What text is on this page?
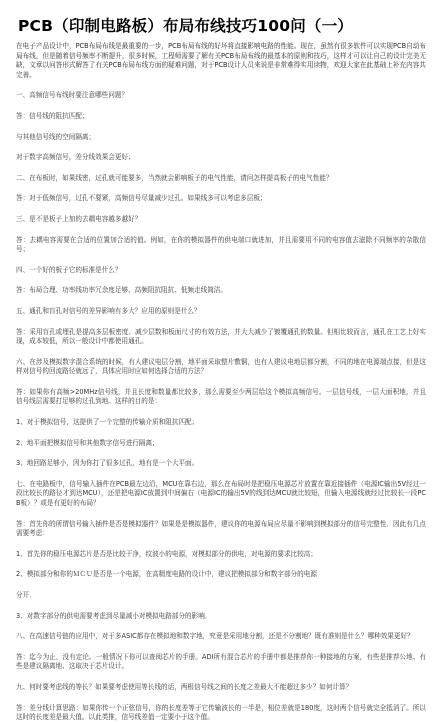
PCB（印制电路板）布局布线技巧100问（一）

在电子产品设计中，PCB布局布线是最重要的一步，PCB布局布线的好坏将直接影响电路的性能。现在，虽然有很多软件可以实现PCB自动布局布线，但是随着信号频率不断提升，很多时候，工程师需要了解有关PCB布局布线的最基本的原则和技巧，这样才可以让自己的设计完美无缺，文章以问答形式解答了有关PCB布局布线方面的疑难问题，对于PCB设计人员来说是非常难得实用读物，欢迎大家在此基础上补充内容共完善。

一、高频信号布线时要注意哪些问题？

答：信号线的阻抗匹配；

与其他信号线的空间隔离；

对于数字高频信号，差分线效果会更好；

二、在布板时，如果线密，过孔就可能要多，当然就会影响板子的电气性能，请问怎样提高板子的电气性能？

答：对于低频信号，过孔不要紧，高频信号尽量减少过孔。如果线多可以考虑多层板；

三、是不是板子上加的去耦电容越多越好？

答：去耦电容需要在合适的位置加合适的值。例如，在你的模拟器件的供电端口就进加，并且需要用不同的电容值去滤除不同频率的杂散信号；

四、一个好的板子它的标准是什么？

答：布局合理、功率线功率冗余度足够、高频阻抗阻抗、低频走线简洁。

五、通孔和盲孔对信号的差异影响有多大？应用的原则是什么？

答：采用盲孔或埋孔是提高多层板密度、减少层数和板面尺寸的有效方法，并大大减少了镀覆通孔的数量。但相比较而言，通孔在工艺上好实现，成本较低，所以一般设计中都使用通孔。

六、在涉及模拟数字混合系统的时候，有人建议电层分割，地平面采取整片敷铜，也有人建议电地层都分割，不同的地在电源端点接，但是这样对信号的回流路径就远了，具体应用时应如何选择合适的方法？

答：如果你有高频>20MHz信号线，并且长度和数量都比较多，那么需要至少两层给这个模拟高频信号。一层信号线，一层大面积地，并且信号线层需要打足够的过孔到地。这样的目的是：

1、对于模拟信号，这提供了一个完整的传输介质和阻抗匹配；

2、地平面把模拟信号和其他数字信号进行隔离；

3、地回路足够小，因为你打了很多过孔，地有是一个大平面。

七、在电路板中，信号输入插件在PCB最左边沿，MCU在靠右边，那么在布局时是把稳压电源芯片放置在靠近接插件（电源IC输出5V经过一段比较长的路径才到达MCU），还是把电源IC放置到中间偏右（电源IC的输出5V的线到达MCU就比较短，但输入电源线就经过比较长一段PCB板）？或是有更好的布局？

答：首先你的所谓信号输入插件是否是模拟器件？如果是是模拟器件，建议你的电源布局应尽量不影响到模拟部分的信号完整性．因此有几点需要考虑：

1、首先你的稳压电源芯片是否是比较干净，纹波小的电源，对模拟部分的供电，对电源的要求比较高；

2、模拟部分和你的ＭＣＵ是否是一个电源，在高精度电路的设计中，建议把模拟部分和数字部分的电源

分开．

3、对数字部分的供电需要考虑到尽量减小对模拟电路部分的影响．

八、在高速信号链的应用中，对于多ASIC都存在模拟地和数字地，究竟是采用地分割，还是不分割地？既有准则是什么？哪种效果更好？

答：迄今为止，没有定论。一般情况下你可以查阅芯片的手册。ADI所有混合芯片的手册中都是推荐你一种接地的方案，有些是推荐公地、有些是建议隔离地、这取决于芯片设计。

九、何时要考虑线的等长？如果要考虑使用等长线的话，两根信号线之间的长度之差最大不能超过多少？如何计算？

答：差分线计算思路：如果你传一个正弦信号，你的长度差等于它传输波长的一半是，相位差就是180度，这时两个信号就完全抵消了。所以这时的长度差是最大值。以此类推，信号线差值一定要小于这个值。
